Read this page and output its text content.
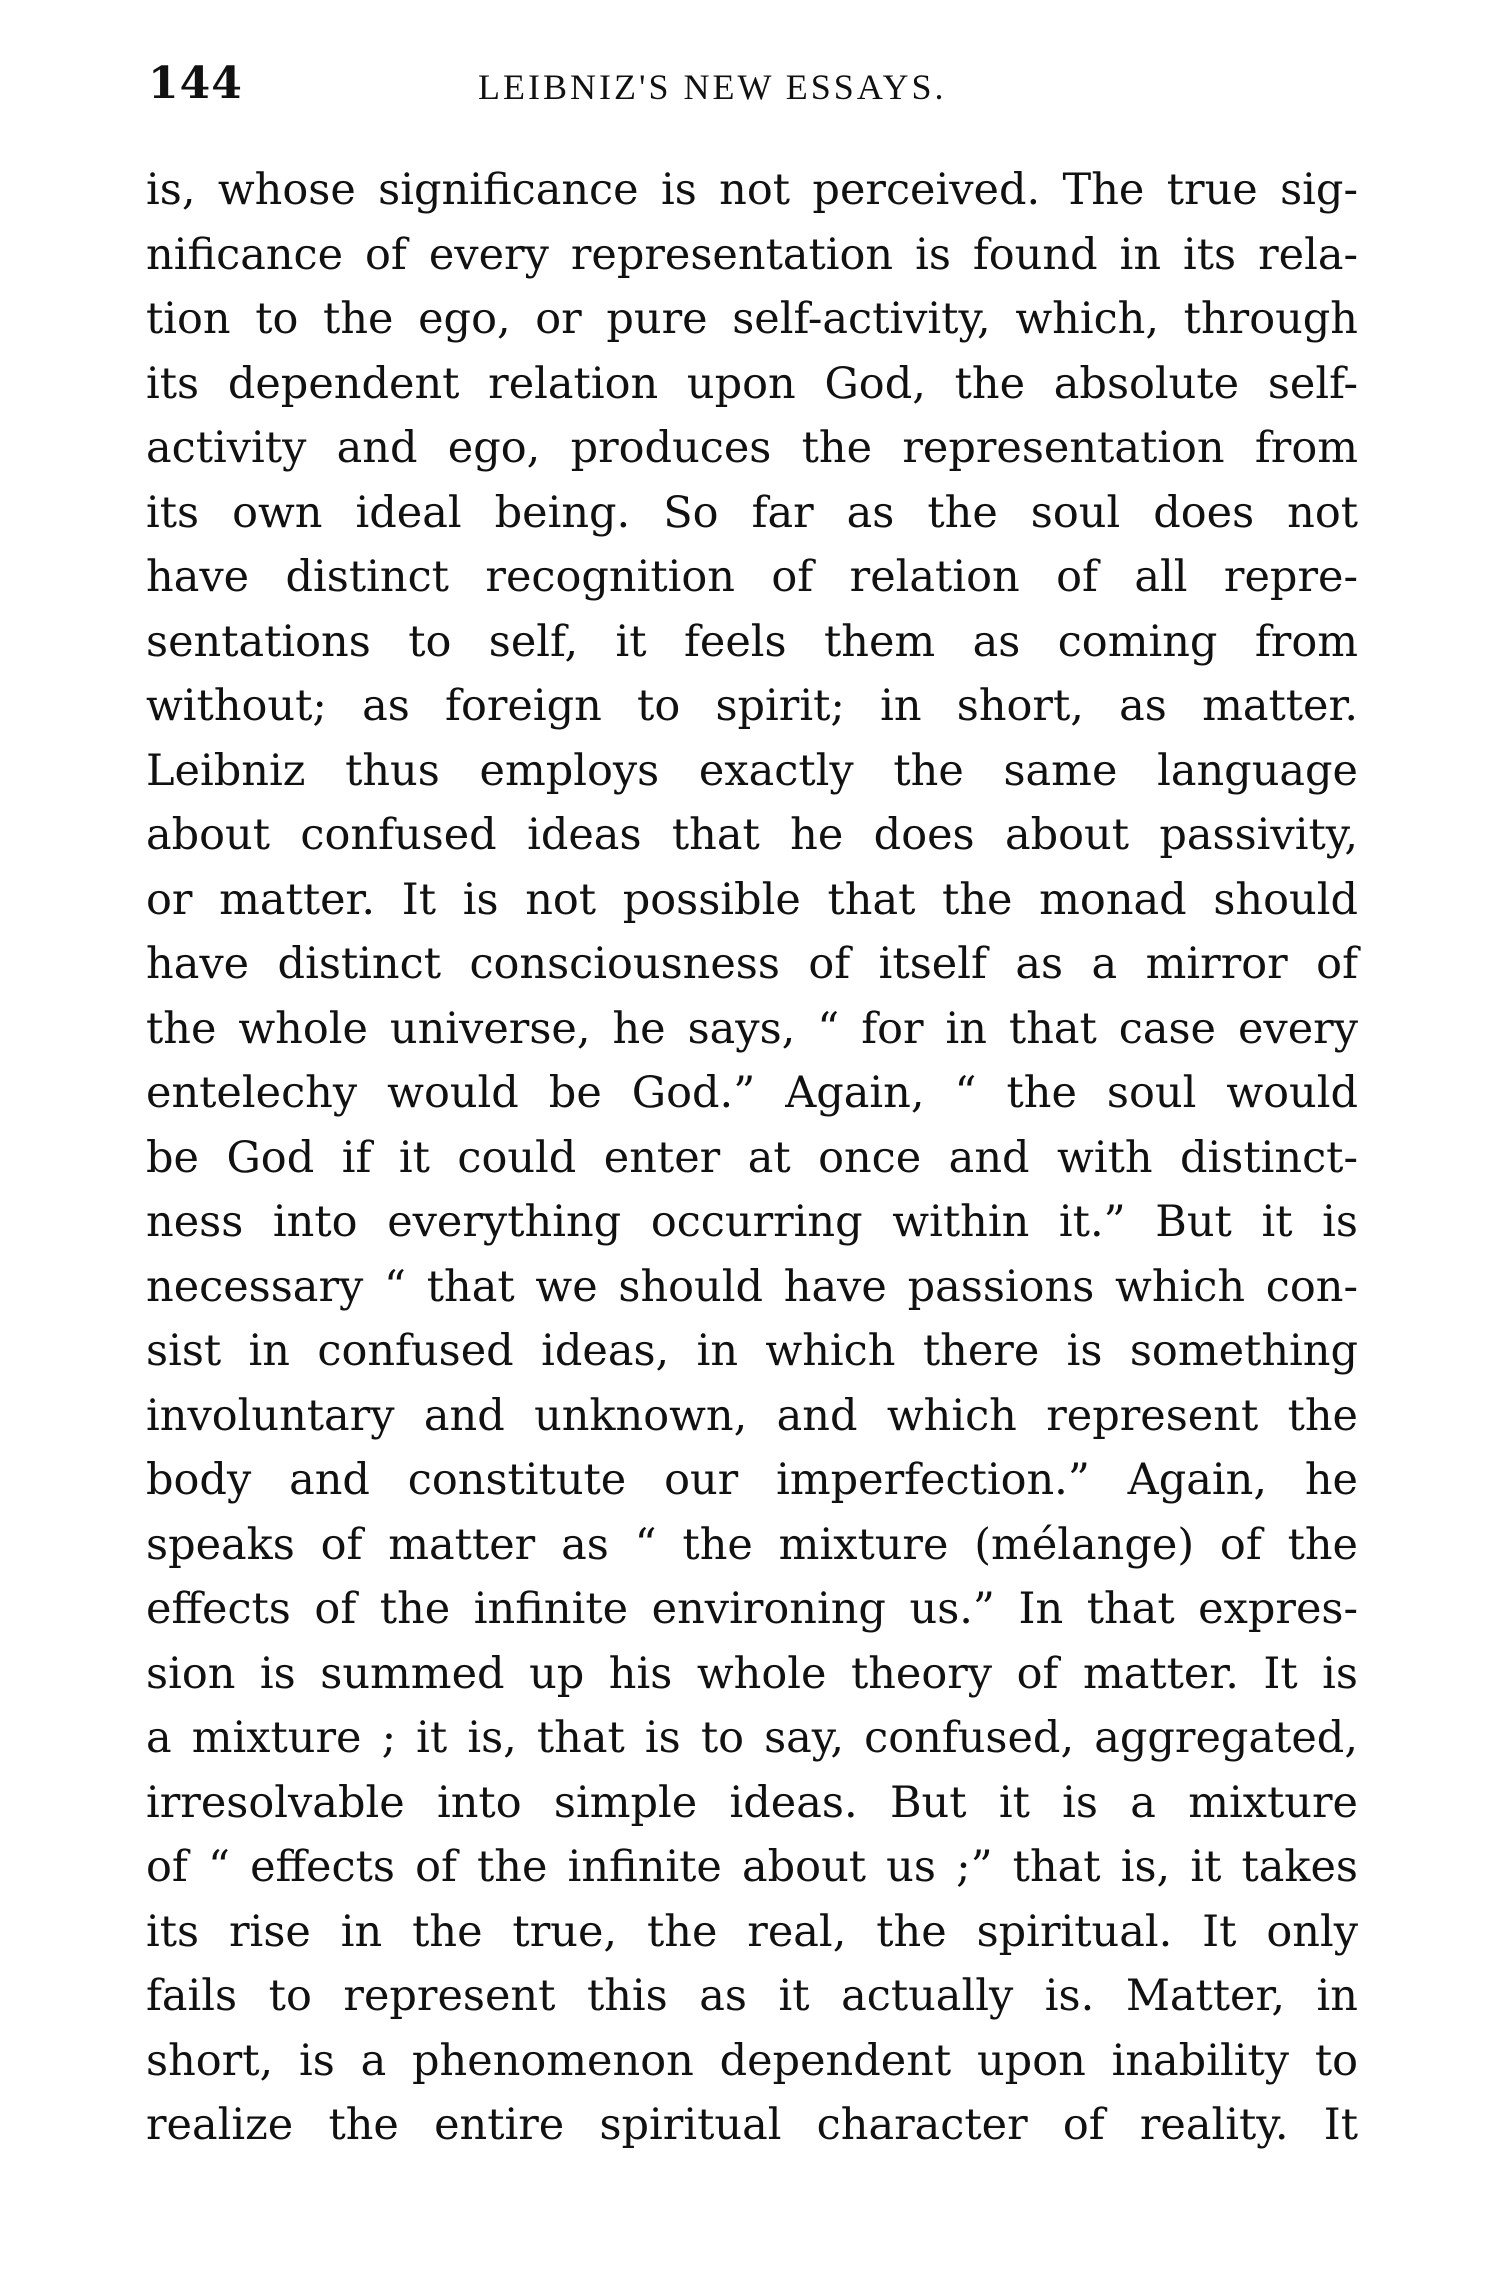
144	LEIBNIZ'S NEW ESSAYS.
is, whose significance is not perceived. The true sig-
nificance of every representation is found in its rela-
tion to the ego, or pure self-activity, which, through
its dependent relation upon God, the absolute self-
activity and ego, produces the representation from
its own ideal being. So far as the soul does not
have distinct recognition of relation of all repre-
sentations to self, it feels them as coming from
without; as foreign to spirit; in short, as matter.
Leibniz thus employs exactly the same language
about confused ideas that he does about passivity,
or matter. It is not possible that the monad should
have distinct consciousness of itself as a mirror of
the whole universe, he says, “ for in that case every
entelechy would be God.” Again, “ the soul would
be God if it could enter at once and with distinct-
ness into everything occurring within it.” But it is
necessary “ that we should have passions which con-
sist in confused ideas, in which there is something
involuntary and unknown, and which represent the
body and constitute our imperfection.” Again, he
speaks of matter as “ the mixture (mélange) of the
effects of the infinite environing us.” In that expres-
sion is summed up his whole theory of matter. It is
a mixture ; it is, that is to say, confused, aggregated,
irresolvable into simple ideas. But it is a mixture
of “ effects of the infinite about us ;” that is, it takes
its rise in the true, the real, the spiritual. It only
fails to represent this as it actually is. Matter, in
short, is a phenomenon dependent upon inability to
realize the entire spiritual character of reality. It
